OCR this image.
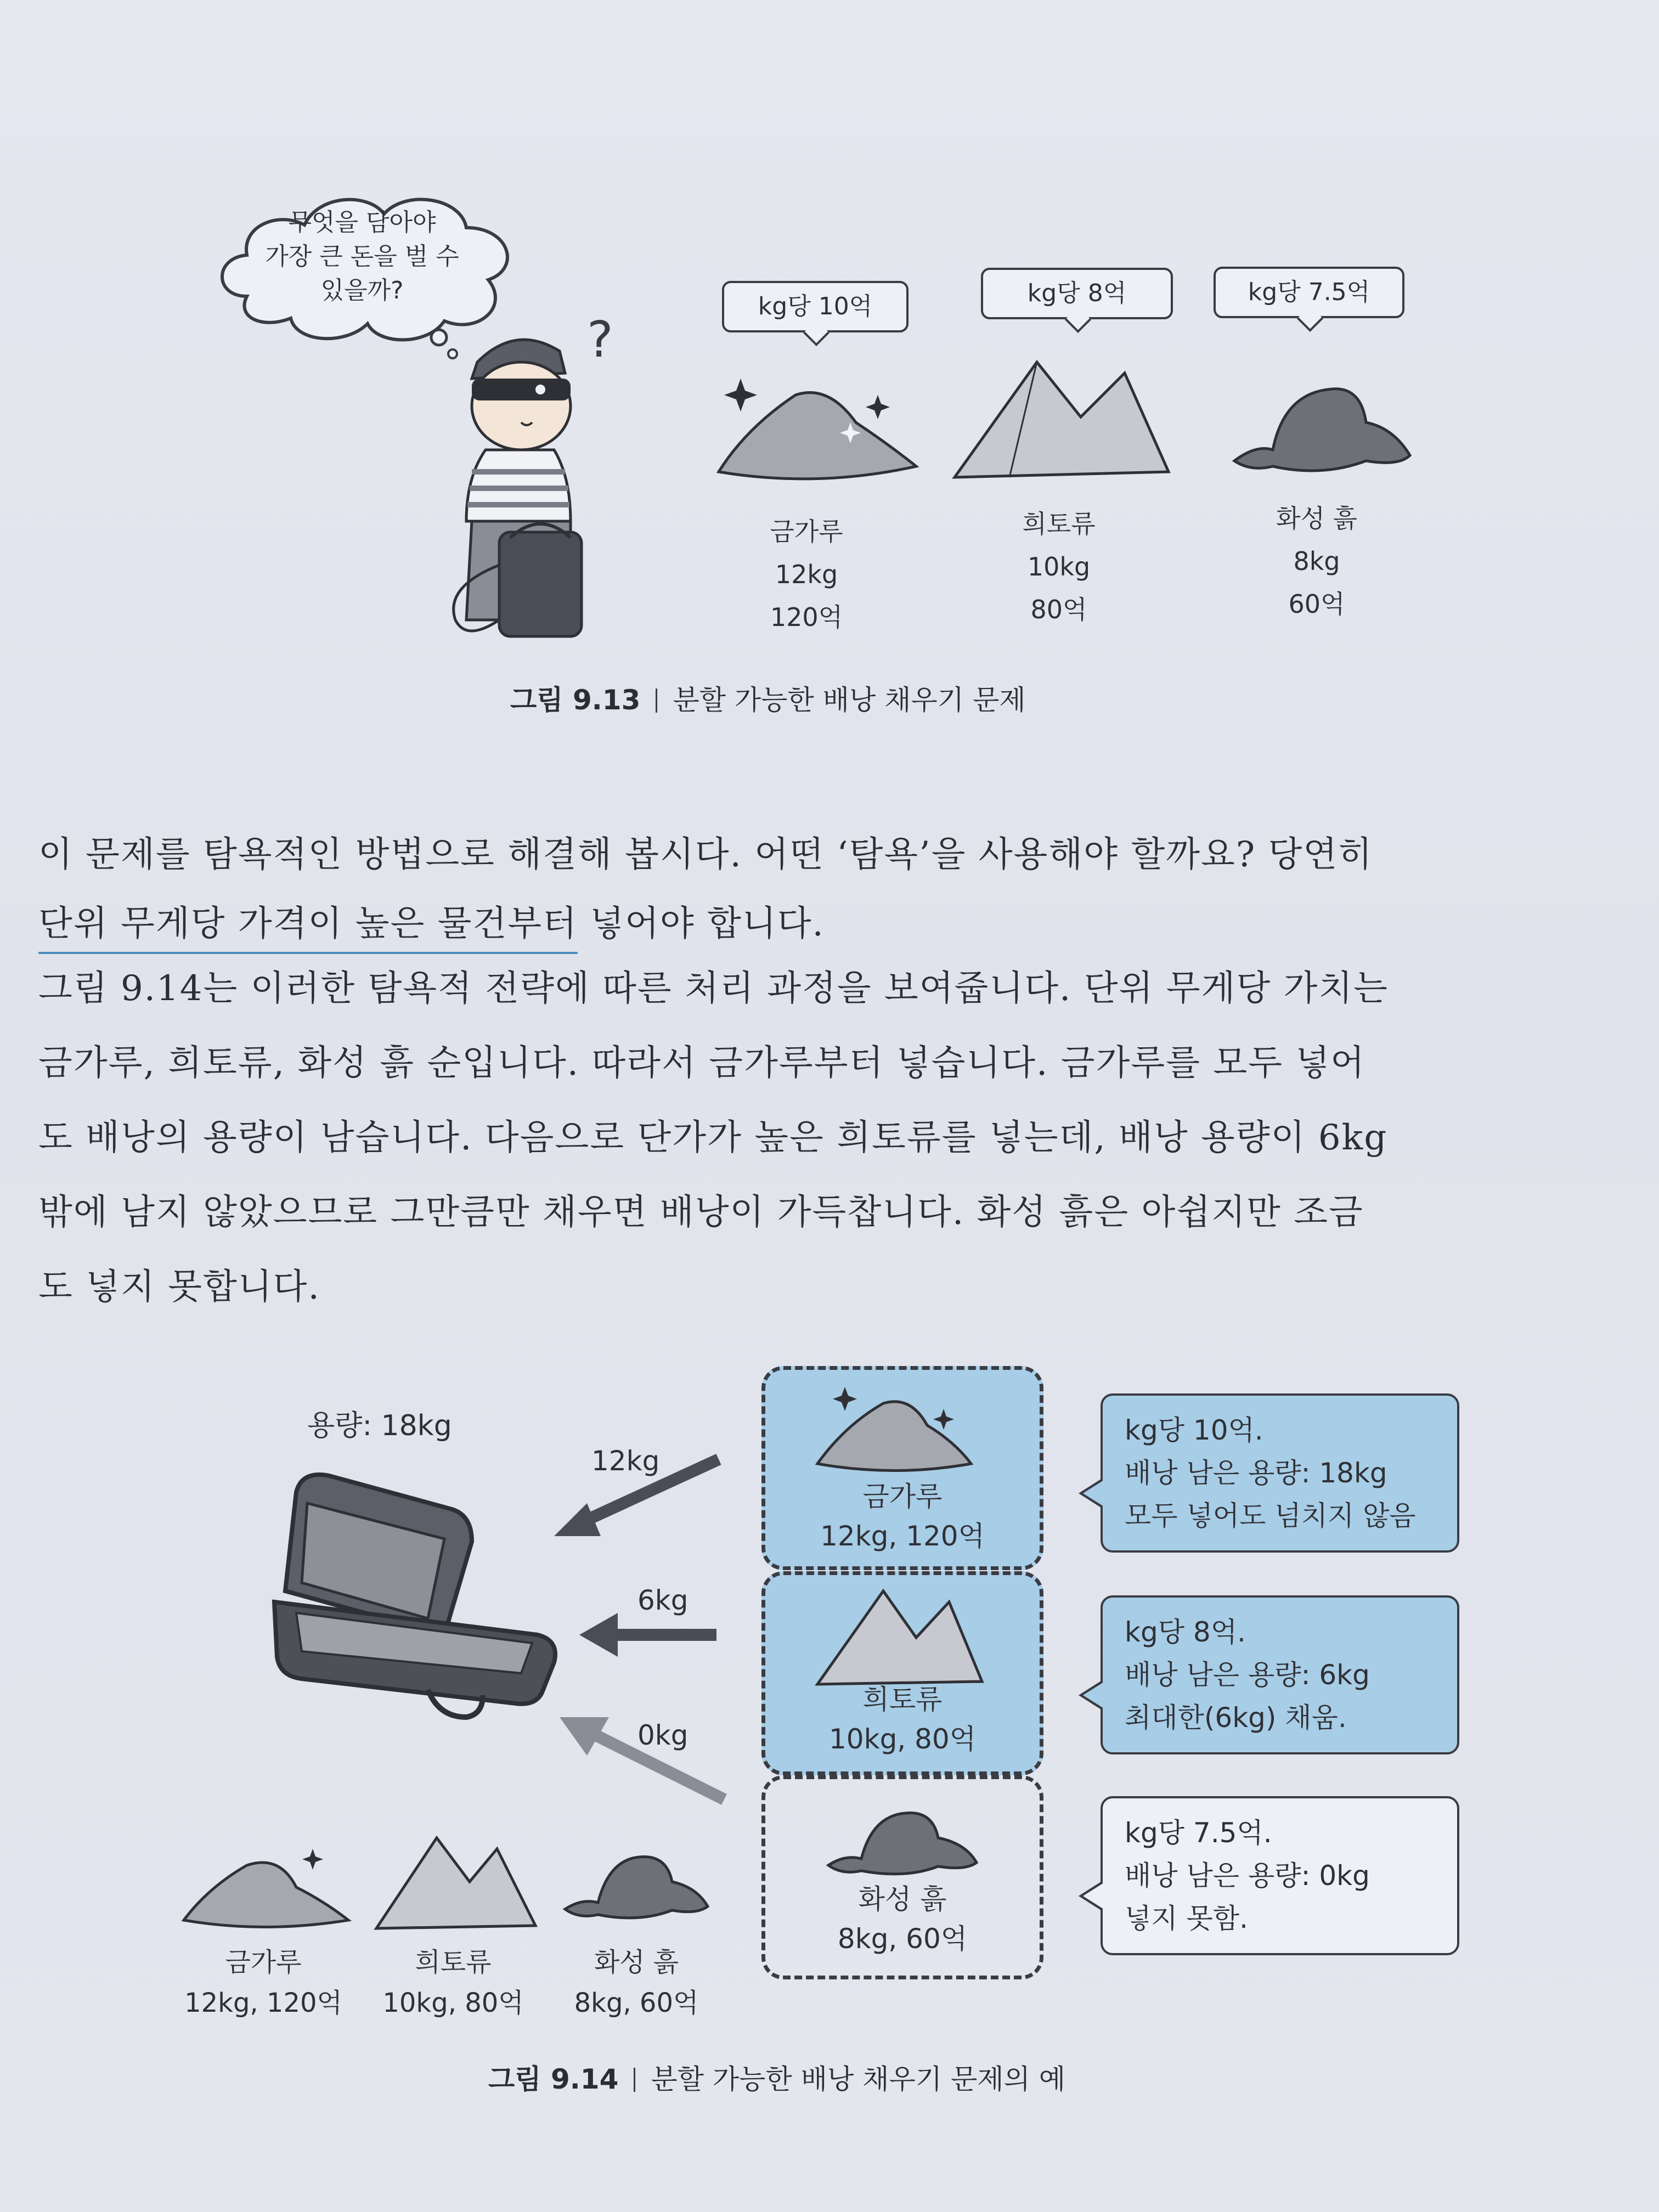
무엇을 담아야
가장 큰 돈을 벌 수
있을까?
?
kg당 10억	kg당 8억	kg당 7.5억
금가루
12kg
120억
희토류
10kg
80억
화성 흙
8kg
60억
그림 9.13 분할 가능한 배낭 채우기 문제
이 문제를 탐욕적인 방법으로 해결해 봅시다. 어떤 ‘탐욕’을 사용해야 할까요? 당연히
단위 무게당 가격이 높은 물건부터 넣어야 합니다.
그림 9.14는 이러한 탐욕적 전략에 따른 처리 과정을 보여줍니다. 단위 무게당 가치는
금가루, 희토류, 화성 흙 순입니다. 따라서 금가루부터 넣습니다. 금가루를 모두 넣어
도 배낭의 용량이 남습니다. 다음으로 단가가 높은 희토류를 넣는데, 배낭 용량이 6kg
밖에 남지 않았으므로 그만큼만 채우면 배낭이 가득찹니다. 화성 흙은 아쉽지만 조금
도 넣지 못합니다.
용량: 18kg
12kg
6kg
0kg
금가루
12kg, 120억
희토류
10kg, 80억
화성 흙
8kg, 60억
kg당 10억.
배낭 남은 용량: 18kg
모두 넣어도 넘치지 않음
kg당 8억.
배낭 남은 용량: 6kg
최대한(6kg) 채움.
kg당 7.5억.
배낭 남은 용량: 0kg
넣지 못함.
금가루
12kg, 120억
희토류
10kg, 80억
화성 흙
8kg, 60억
그림 9.14 분할 가능한 배낭 채우기 문제의 예
